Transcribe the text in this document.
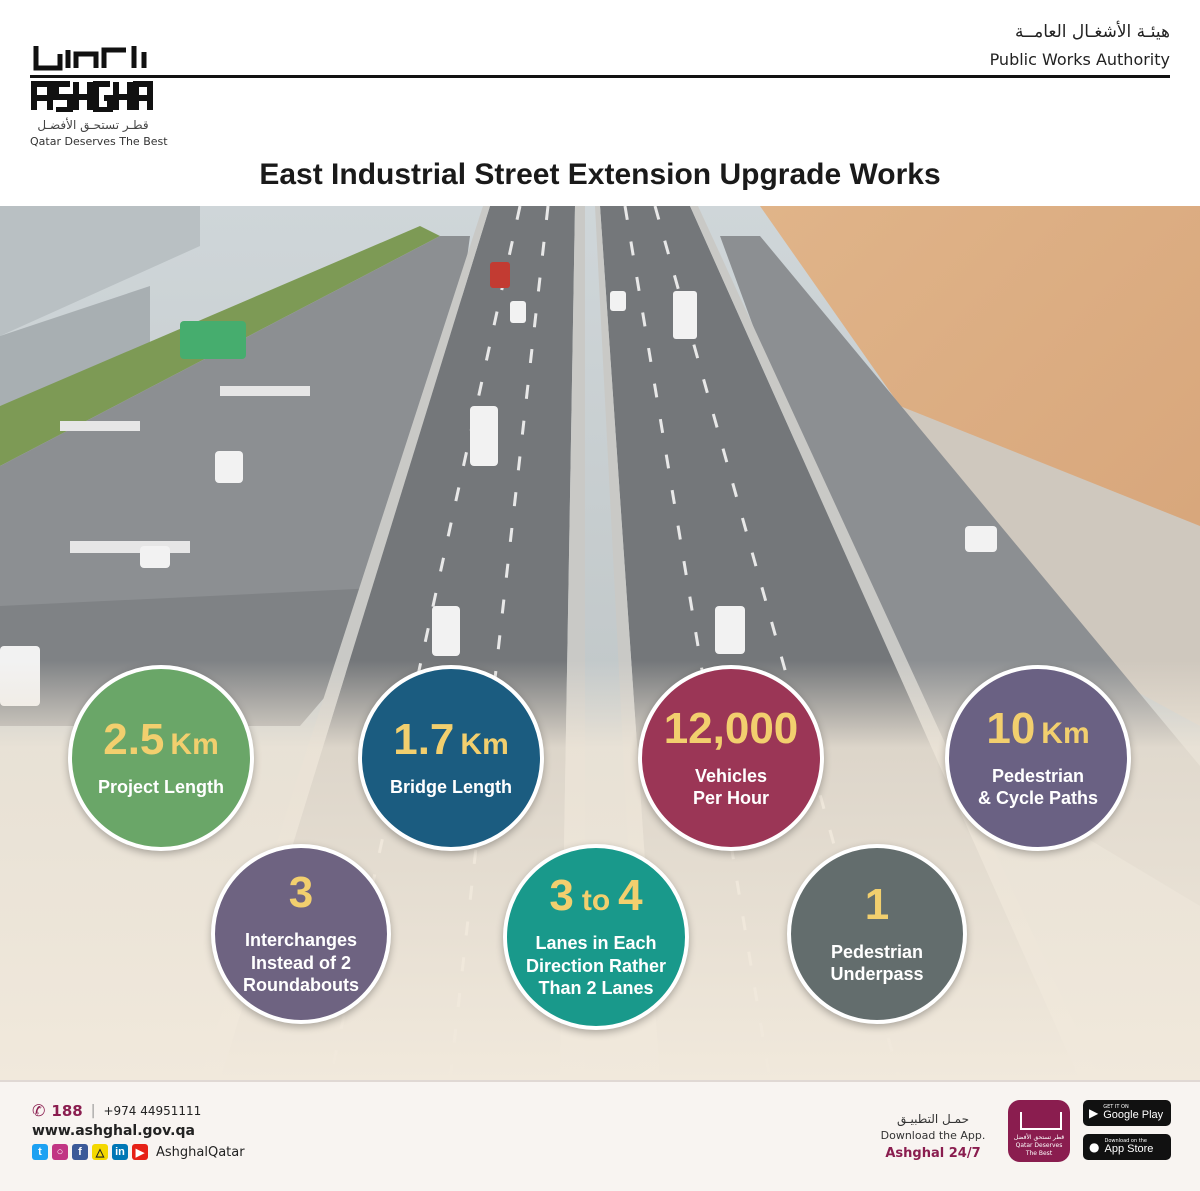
قطـر تستحـق الأفضـل
Qatar Deserves The Best
هيئـة الأشغـال العامــة
Public Works Authority
East Industrial Street Extension Upgrade Works
2.5 Km
Project Length
1.7 Km
Bridge Length
12,000
Vehicles
Per Hour
10 Km
Pedestrian
& Cycle Paths
3
Interchanges
Instead of 2
Roundabouts
3 to 4
Lanes in Each
Direction Rather
Than 2 Lanes
1
Pedestrian
Underpass
✆ 188 | +974 44951111
www.ashghal.gov.qa
t	○	f	△ in ▶ AshghalQatar
حمـل التطبيـق
Download the App.
Ashghal 24/7
قطر تستحق الأفضل
Qatar Deserves The Best
▶ GET IT ON
Google Play
● Download on the
App Store
